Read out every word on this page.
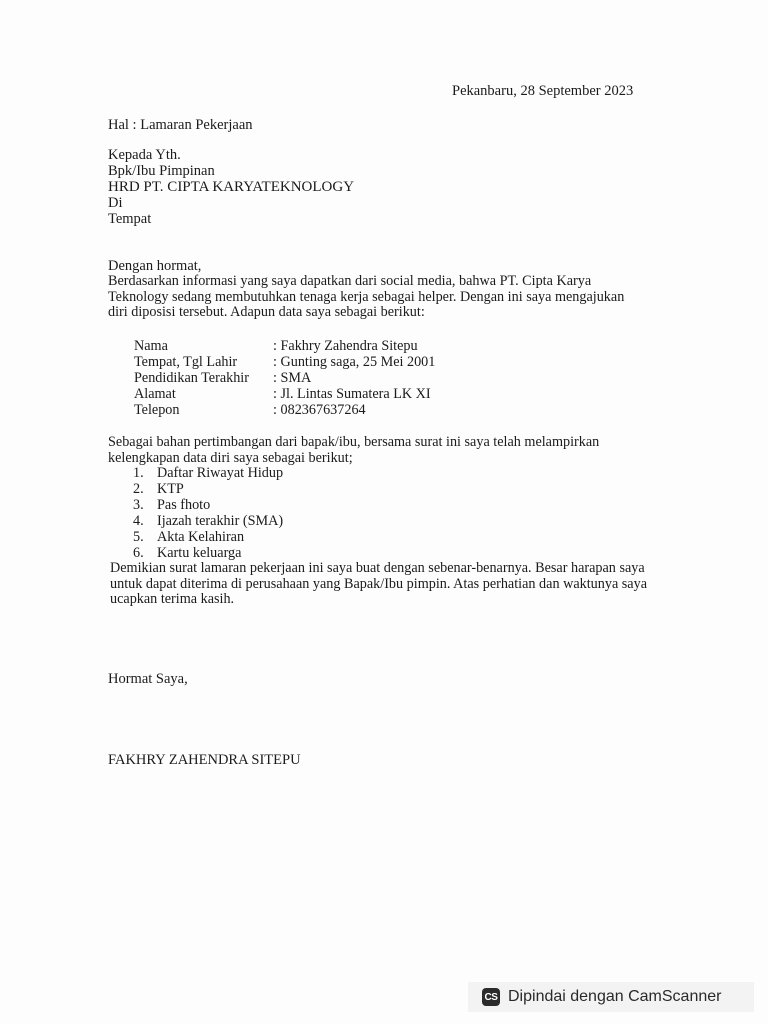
Pekanbaru, 28 September 2023
Hal : Lamaran Pekerjaan
Kepada Yth.
Bpk/Ibu Pimpinan
HRD PT. CIPTA KARYATEKNOLOGY
Di
Tempat
Dengan hormat,
Berdasarkan informasi yang saya dapatkan dari social media, bahwa PT. Cipta Karya
Teknology sedang membutuhkan tenaga kerja sebagai helper. Dengan ini saya mengajukan
diri diposisi tersebut. Adapun data saya sebagai berikut:
Nama	: Fakhry Zahendra Sitepu
Tempat, Tgl Lahir	: Gunting saga, 25 Mei 2001
Pendidikan Terakhir : SMA
Alamat	: Jl. Lintas Sumatera LK XI
Telepon	: 082367637264
Sebagai bahan pertimbangan dari bapak/ibu, bersama surat ini saya telah melampirkan
kelengkapan data diri saya sebagai berikut;
1. Daftar Riwayat Hidup
2. KTP
3. Pas fhoto
4. Ijazah terakhir (SMA)
5. Akta Kelahiran
6. Kartu keluarga
Demikian surat lamaran pekerjaan ini saya buat dengan sebenar-benarnya. Besar harapan saya
untuk dapat diterima di perusahaan yang Bapak/Ibu pimpin. Atas perhatian dan waktunya saya
ucapkan terima kasih.
Hormat Saya,
FAKHRY ZAHENDRA SITEPU
CS Dipindai dengan CamScanner
